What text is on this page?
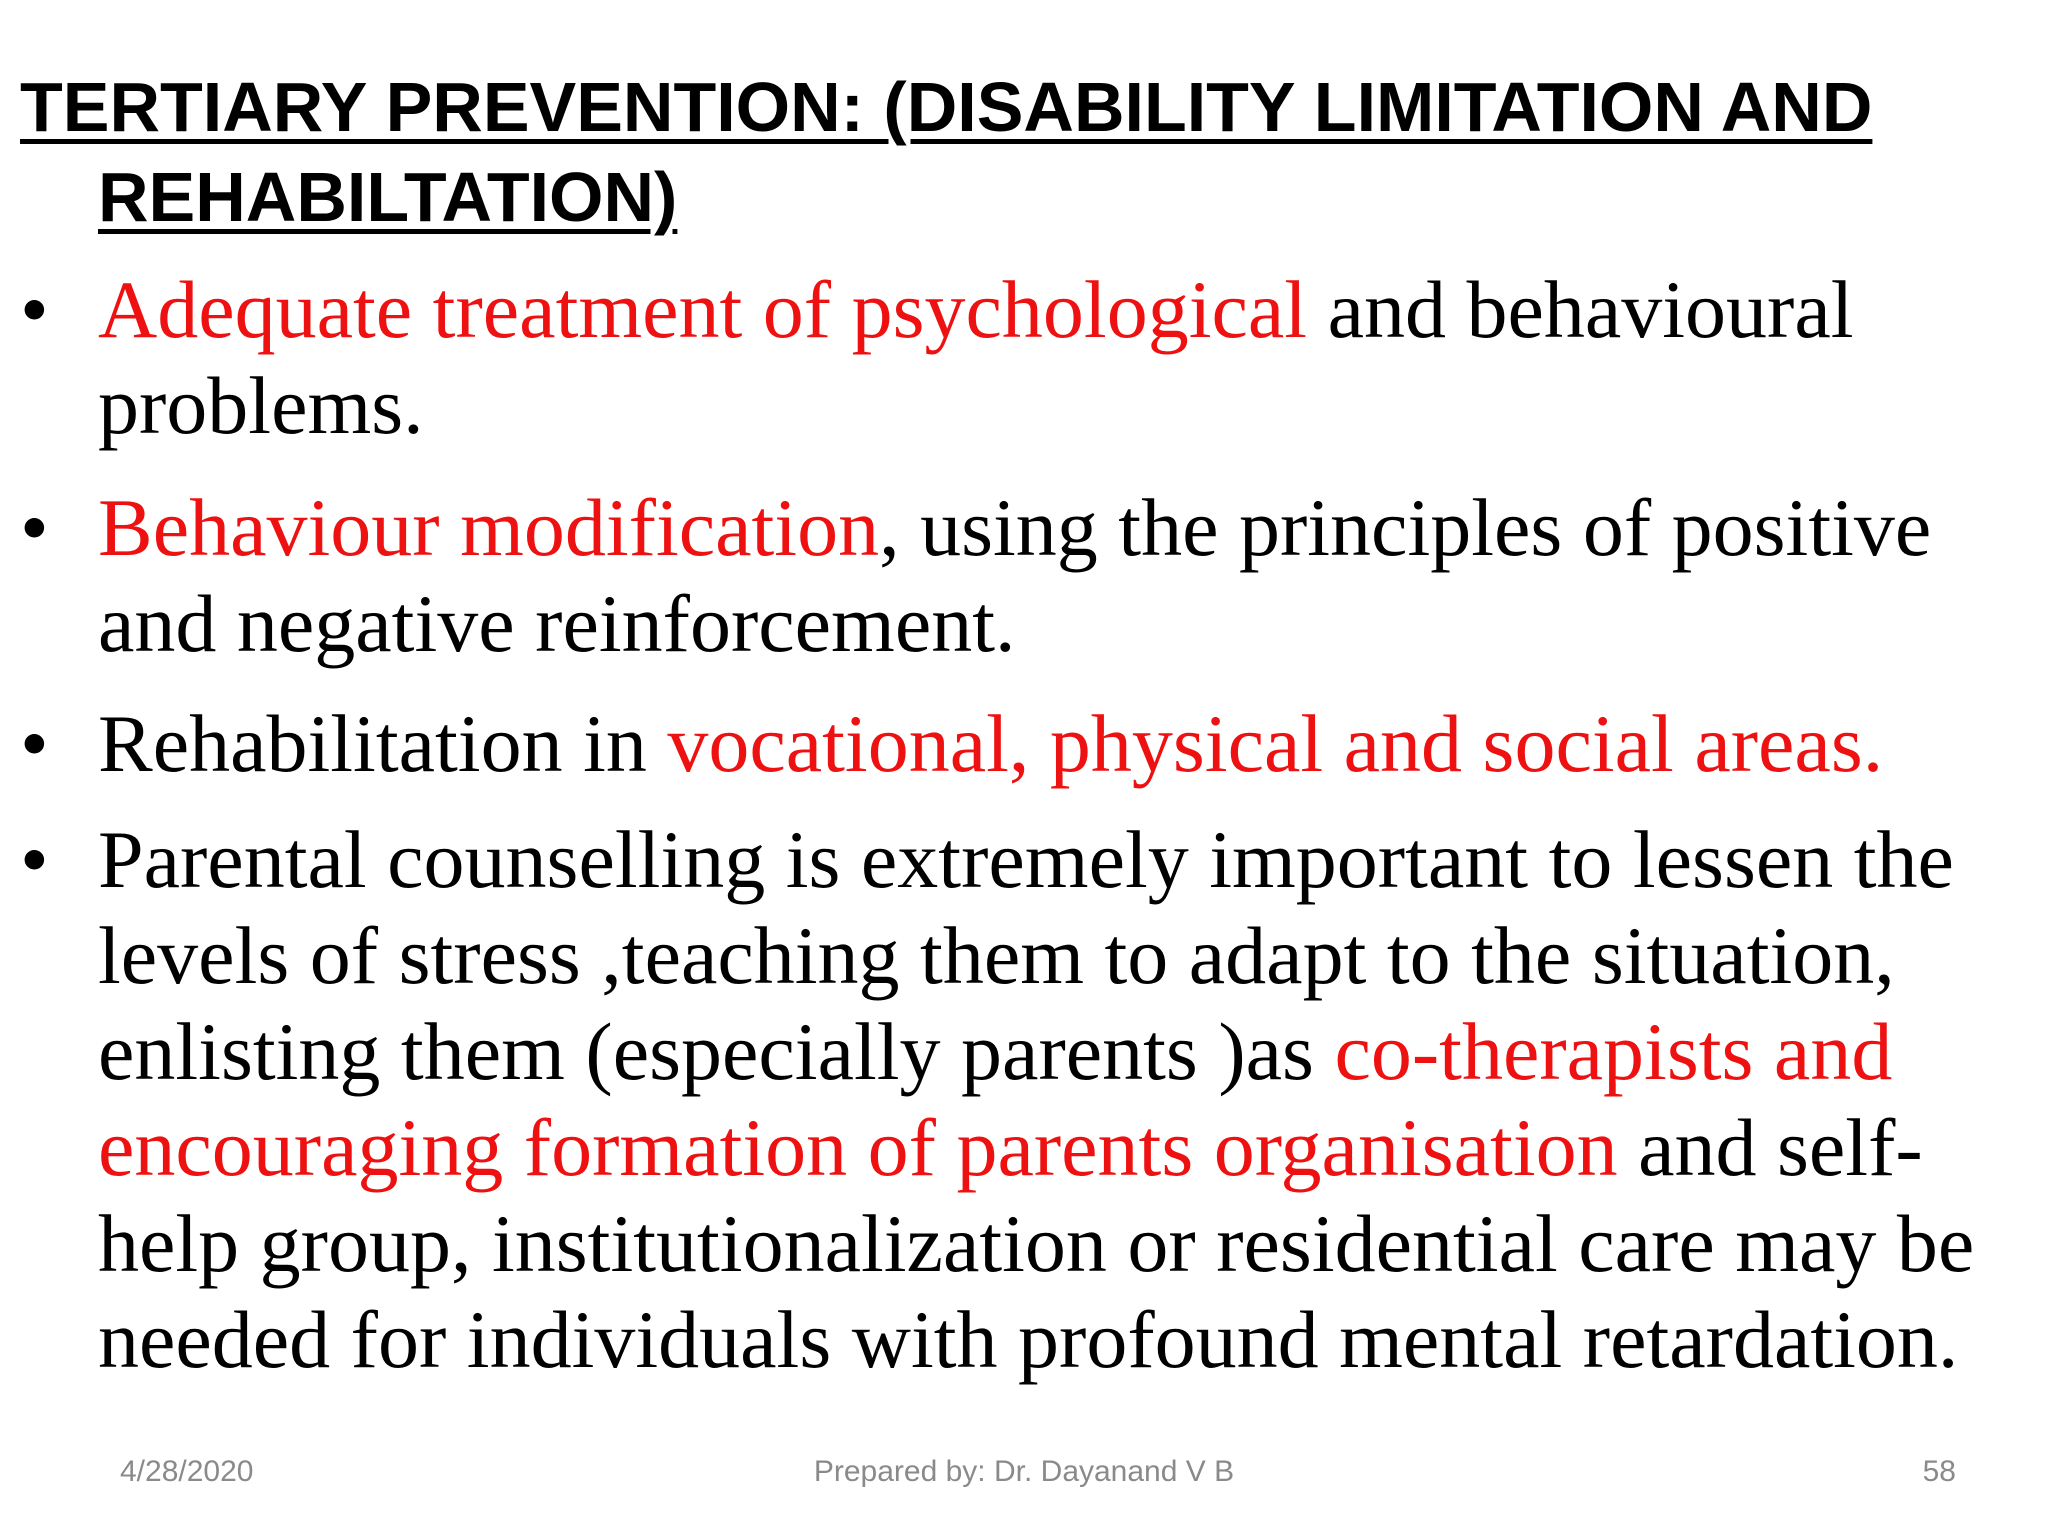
TERTIARY PREVENTION: (DISABILITY LIMITATION AND
REHABILTATION)
• Adequate treatment of psychological and behavioural problems.
• Behaviour modification, using the principles of positive and negative reinforcement.
• Rehabilitation in vocational, physical and social areas.
• Parental counselling is extremely important to lessen the levels of stress ,teaching them to adapt to the situation, enlisting them (especially parents )as co-therapists and encouraging formation of parents organisation and self-help group, institutionalization or residential care may be needed for individuals with profound mental retardation.
4/28/2020	Prepared by: Dr. Dayanand V B	58
